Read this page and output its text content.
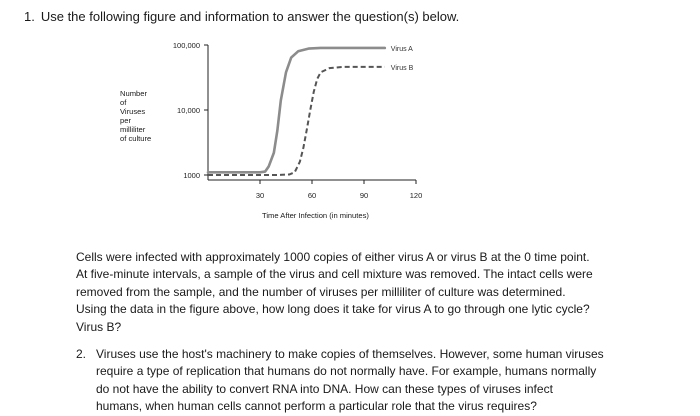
1. Use the following figure and information to answer the question(s) below.
100,000
10,000
1000
30	60	90	120
Virus A
Virus B
Number
of
Viruses
per
milliliter
of culture
Time After Infection (in minutes)
Cells were infected with approximately 1000 copies of either virus A or virus B at the 0 time point.
At five-minute intervals, a sample of the virus and cell mixture was removed. The intact cells were
removed from the sample, and the number of viruses per milliliter of culture was determined.
Using the data in the figure above, how long does it take for virus A to go through one lytic cycle?
Virus B?
2. Viruses use the host's machinery to make copies of themselves. However, some human viruses
require a type of replication that humans do not normally have. For example, humans normally
do not have the ability to convert RNA into DNA. How can these types of viruses infect
humans, when human cells cannot perform a particular role that the virus requires?
